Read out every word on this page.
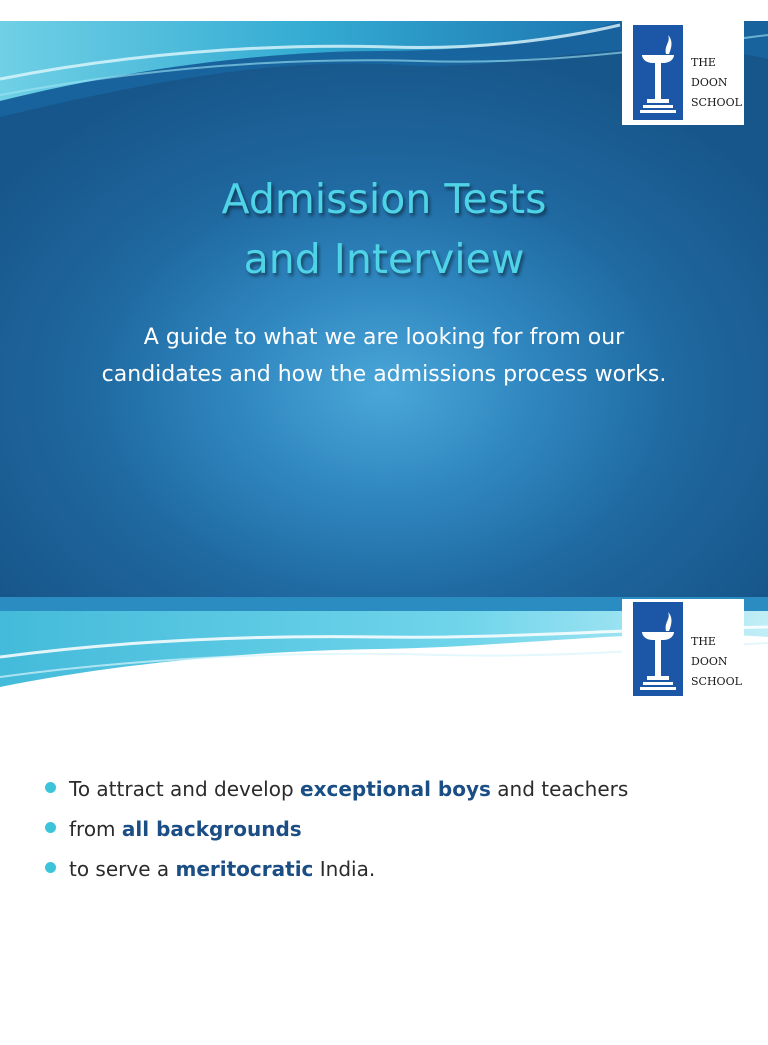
THE
DOON
SCHOOL
Admission Tests
and Interview
A guide to what we are looking for from our
candidates and how the admissions process works.
THE
DOON
SCHOOL
To attract and develop exceptional boys and teachers
from all backgrounds
to serve a meritocratic India.
